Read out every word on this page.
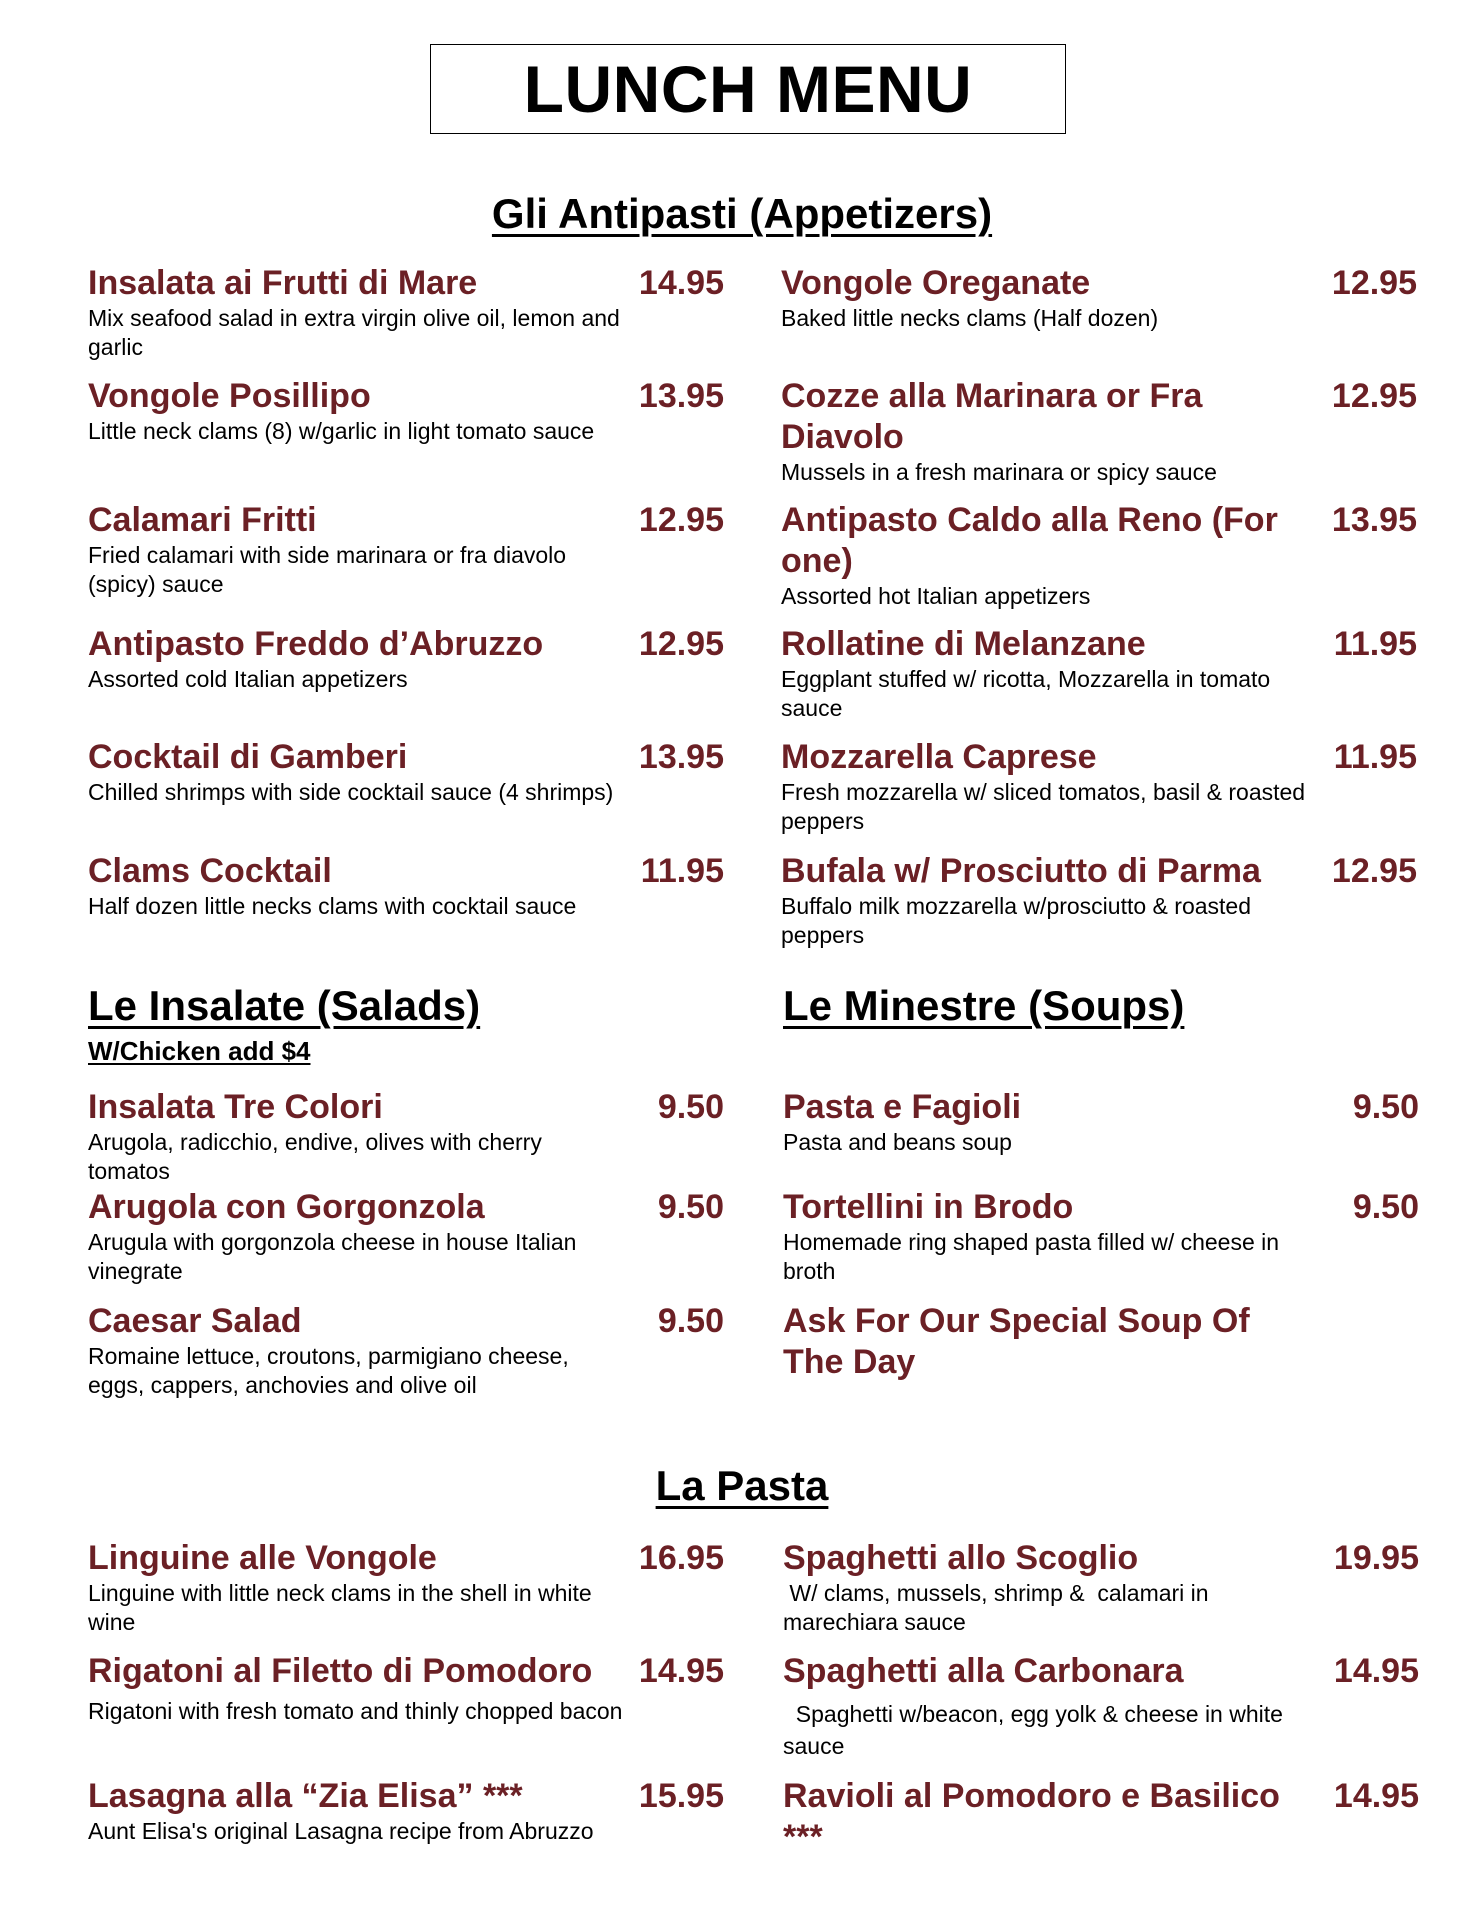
LUNCH MENU
Gli Antipasti (Appetizers)
Insalata ai Frutti di Mare	14.95
Mix seafood salad in extra virgin olive oil, lemon and garlic
Vongole Posillipo	13.95
Little neck clams (8) w/garlic in light tomato sauce
Calamari Fritti	12.95
Fried calamari with side marinara or fra diavolo (spicy) sauce
Antipasto Freddo d’Abruzzo	12.95
Assorted cold Italian appetizers
Cocktail di Gamberi	13.95
Chilled shrimps with side cocktail sauce (4 shrimps)
Clams Cocktail	11.95
Half dozen little necks clams with cocktail sauce
Vongole Oreganate	12.95
Baked little necks clams (Half dozen)
Cozze alla Marinara or Fra Diavolo
12.95
Mussels in a fresh marinara or spicy sauce
Antipasto Caldo alla Reno (For one)
13.95
Assorted hot Italian appetizers
Rollatine di Melanzane	11.95
Eggplant stuffed w/ ricotta, Mozzarella in tomato sauce
Mozzarella Caprese	11.95
Fresh mozzarella w/ sliced tomatos, basil & roasted peppers
Bufala w/ Prosciutto di Parma	12.95
Buffalo milk mozzarella w/prosciutto & roasted peppers
Le Insalate (Salads)
W/Chicken add $4
Insalata Tre Colori	9.50
Arugola, radicchio, endive, olives with cherry tomatos
Arugola con Gorgonzola	9.50
Arugula with gorgonzola cheese in house Italian vinegrate
Caesar Salad	9.50
Romaine lettuce, croutons, parmigiano cheese, eggs, cappers, anchovies and olive oil
Le Minestre (Soups)
Pasta e Fagioli	9.50
Pasta and beans soup
Tortellini in Brodo	9.50
Homemade ring shaped pasta filled w/ cheese in broth
Ask For Our Special Soup Of The Day
La Pasta
Linguine alle Vongole	16.95
Linguine with little neck clams in the shell in white wine
Rigatoni al Filetto di Pomodoro 14.95
Rigatoni with fresh tomato and thinly chopped bacon
Lasagna alla “Zia Elisa” ***	15.95
Aunt Elisa's original Lasagna recipe from Abruzzo
Spaghetti allo Scoglio	19.95
W/ clams, mussels, shrimp &  calamari in marechiara sauce
Spaghetti alla Carbonara	14.95
Spaghetti w/beacon, egg yolk & cheese in white sauce
Ravioli al Pomodoro e Basilico ***
14.95
